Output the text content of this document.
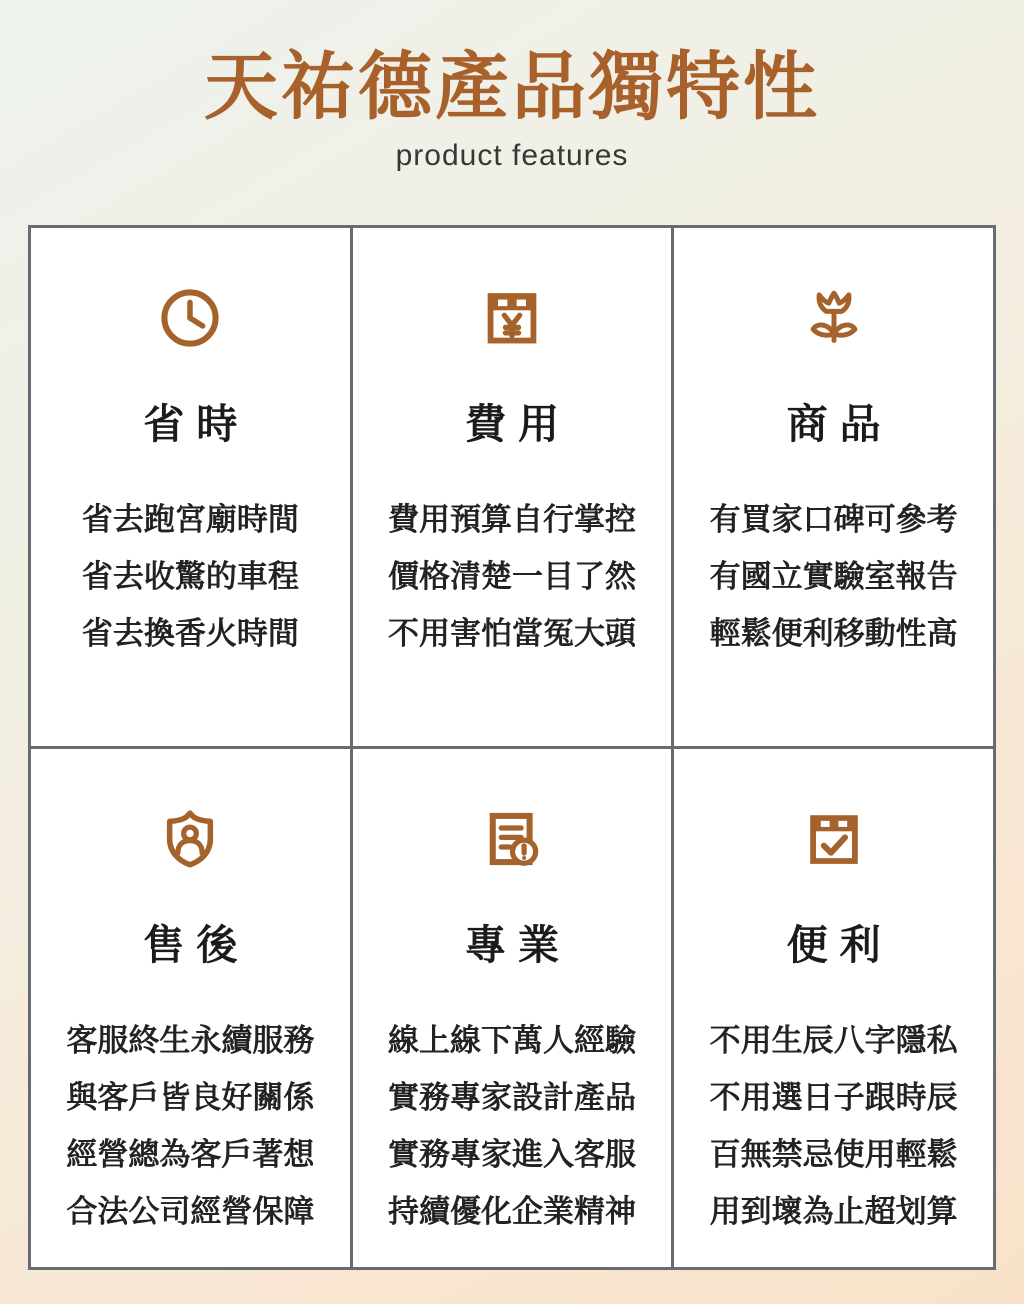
天祐德產品獨特性
product features
省時
省去跑宮廟時間
省去收驚的車程
省去換香火時間
費用
費用預算自行掌控
價格清楚一目了然
不用害怕當冤大頭
商品
有買家口碑可參考
有國立實驗室報告
輕鬆便利移動性高
售後
客服終生永續服務
與客戶皆良好關係
經營總為客戶著想
合法公司經營保障
專業
線上線下萬人經驗
實務專家設計產品
實務專家進入客服
持續優化企業精神
便利
不用生辰八字隱私
不用選日子跟時辰
百無禁忌使用輕鬆
用到壞為止超划算
